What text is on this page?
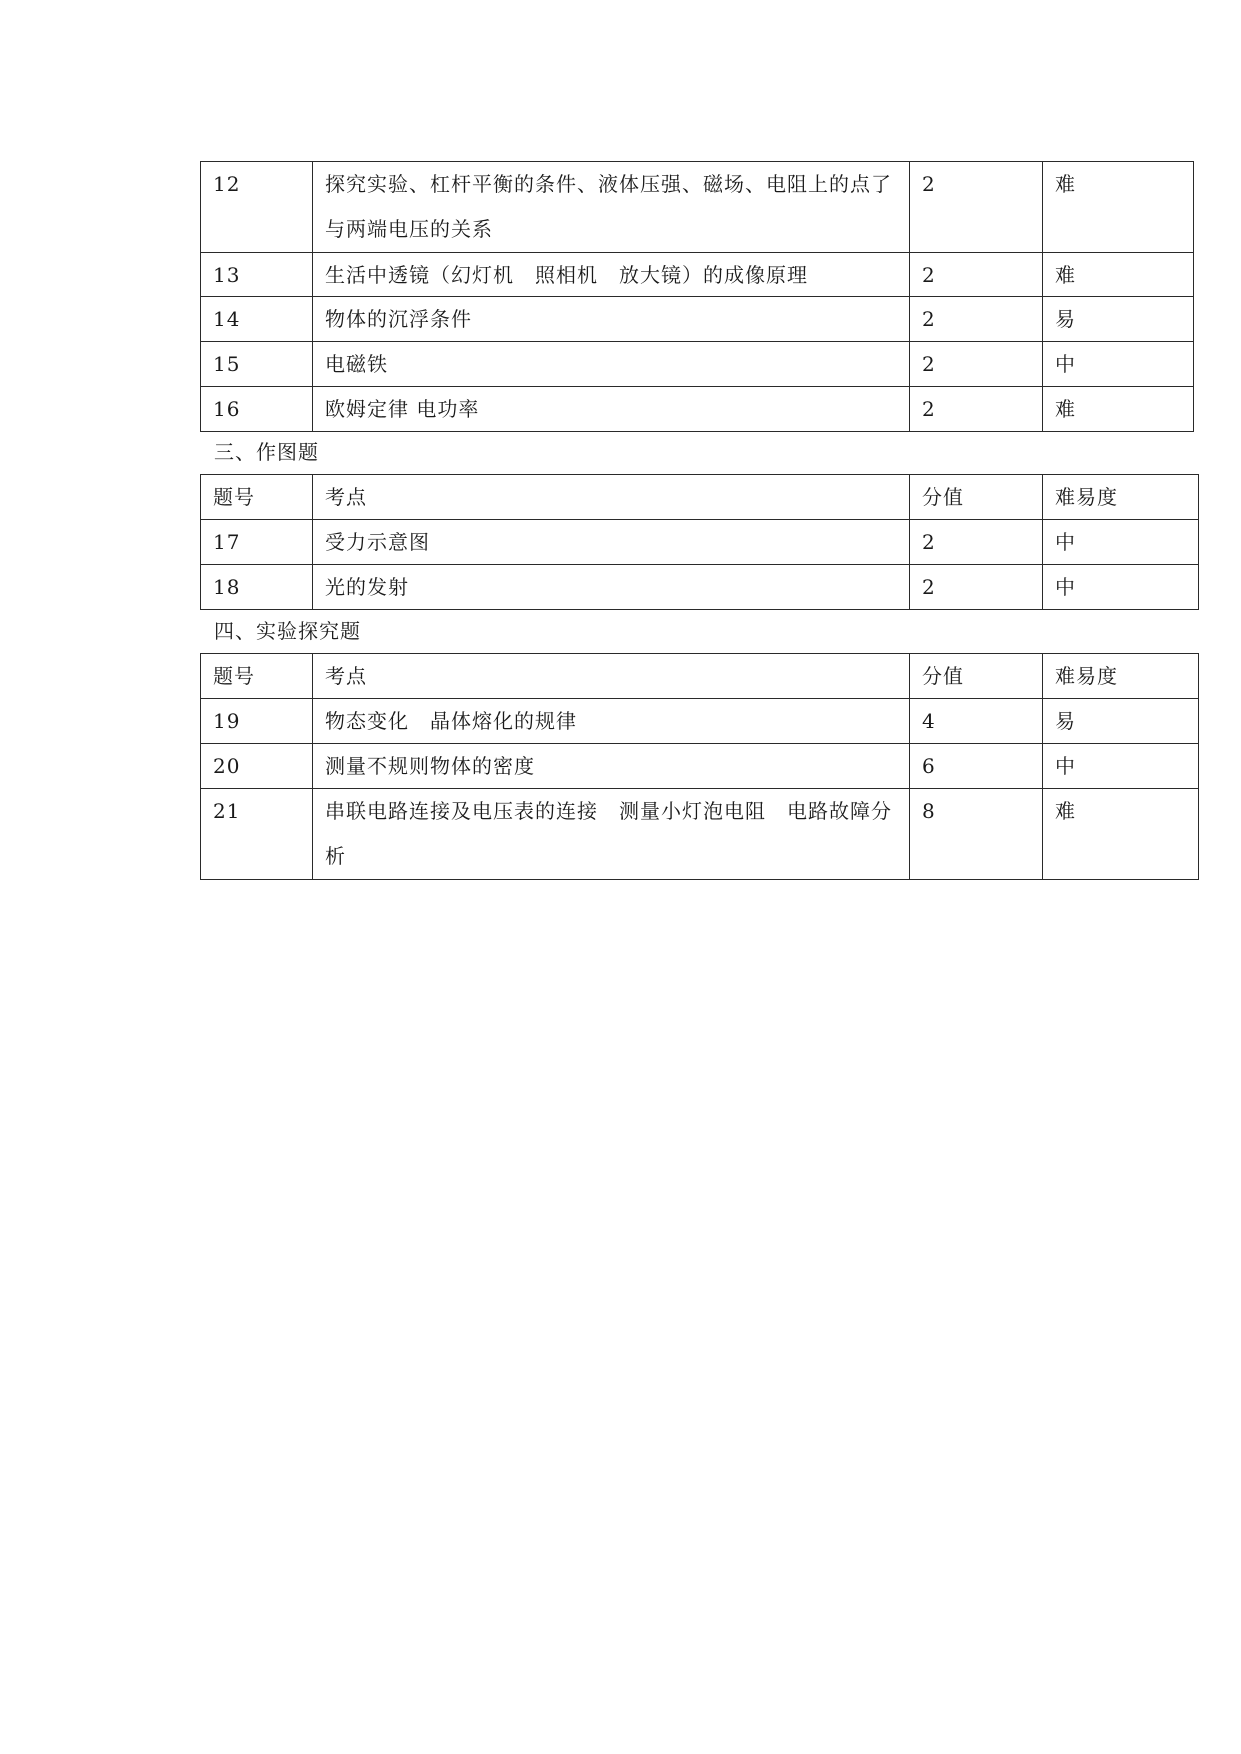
12	探究实验、杠杆平衡的条件、液体压强、磁场、电阻上的点了与两端电压的关系	2	难
13	生活中透镜（幻灯机　照相机　放大镜）的成像原理	2	难
14	物体的沉浮条件	2	易
15	电磁铁	2	中
16	欧姆定律 电功率	2	难
三、作图题
题号	考点	分值	难易度
17	受力示意图	2	中
18	光的发射	2	中
四、实验探究题
题号	考点	分值	难易度
19	物态变化　晶体熔化的规律	4	易
20	测量不规则物体的密度	6	中
21	串联电路连接及电压表的连接　测量小灯泡电阻　电路故障分析	8	难
